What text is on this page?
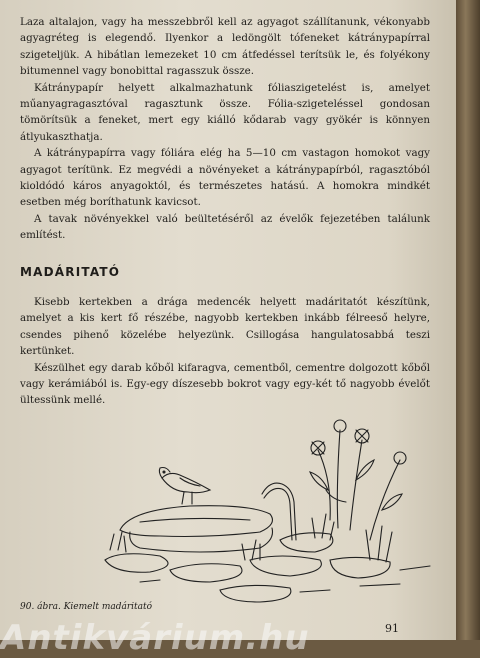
Laza altalajon, vagy ha messzebbről kell az agyagot szállítanunk, vékonyabb agyagréteg is elegendő. Ilyenkor a ledöngölt tófeneket kátránypapírral szigeteljük. A hibátlan lemezeket 10 cm átfedéssel terítsük le, és folyékony bitumennel vagy bonobittal ragasszuk össze.

Kátránypapír helyett alkalmazhatunk fóliaszigetelést is, amelyet műanyagragasztóval ragasztunk össze. Fólia-szigeteléssel gondosan tömörítsük a feneket, mert egy kiálló kődarab vagy gyökér is könnyen átlyukaszthatja.

A kátránypapírra vagy fóliára elég ha 5—10 cm vastagon homokot vagy agyagot terítünk. Ez megvédi a növényeket a kátránypapírból, ragasztóból kioldódó káros anyagoktól, és természetes hatású. A homokra mindkét esetben még boríthatunk kavicsot.

A tavak növényekkel való beültetéséről az évelők fejezetében találunk említést.

MADÁRITATÓ

Kisebb kertekben a drága medencék helyett madáritatót készítünk, amelyet a kis kert fő részébe, nagyobb kertekben inkább félreeső helyre, csendes pihenő közelébe helyezünk. Csillogása hangulatosabbá teszi kertünket.

Készülhet egy darab kőből kifaragva, cementből, cementre dolgozott kőből vagy kerámiából is. Egy-egy díszesebb bokrot vagy egy-két tő nagyobb évelőt ültessünk mellé.

90. ábra. Kiemelt madáritató
91
Antikvárium.hu
